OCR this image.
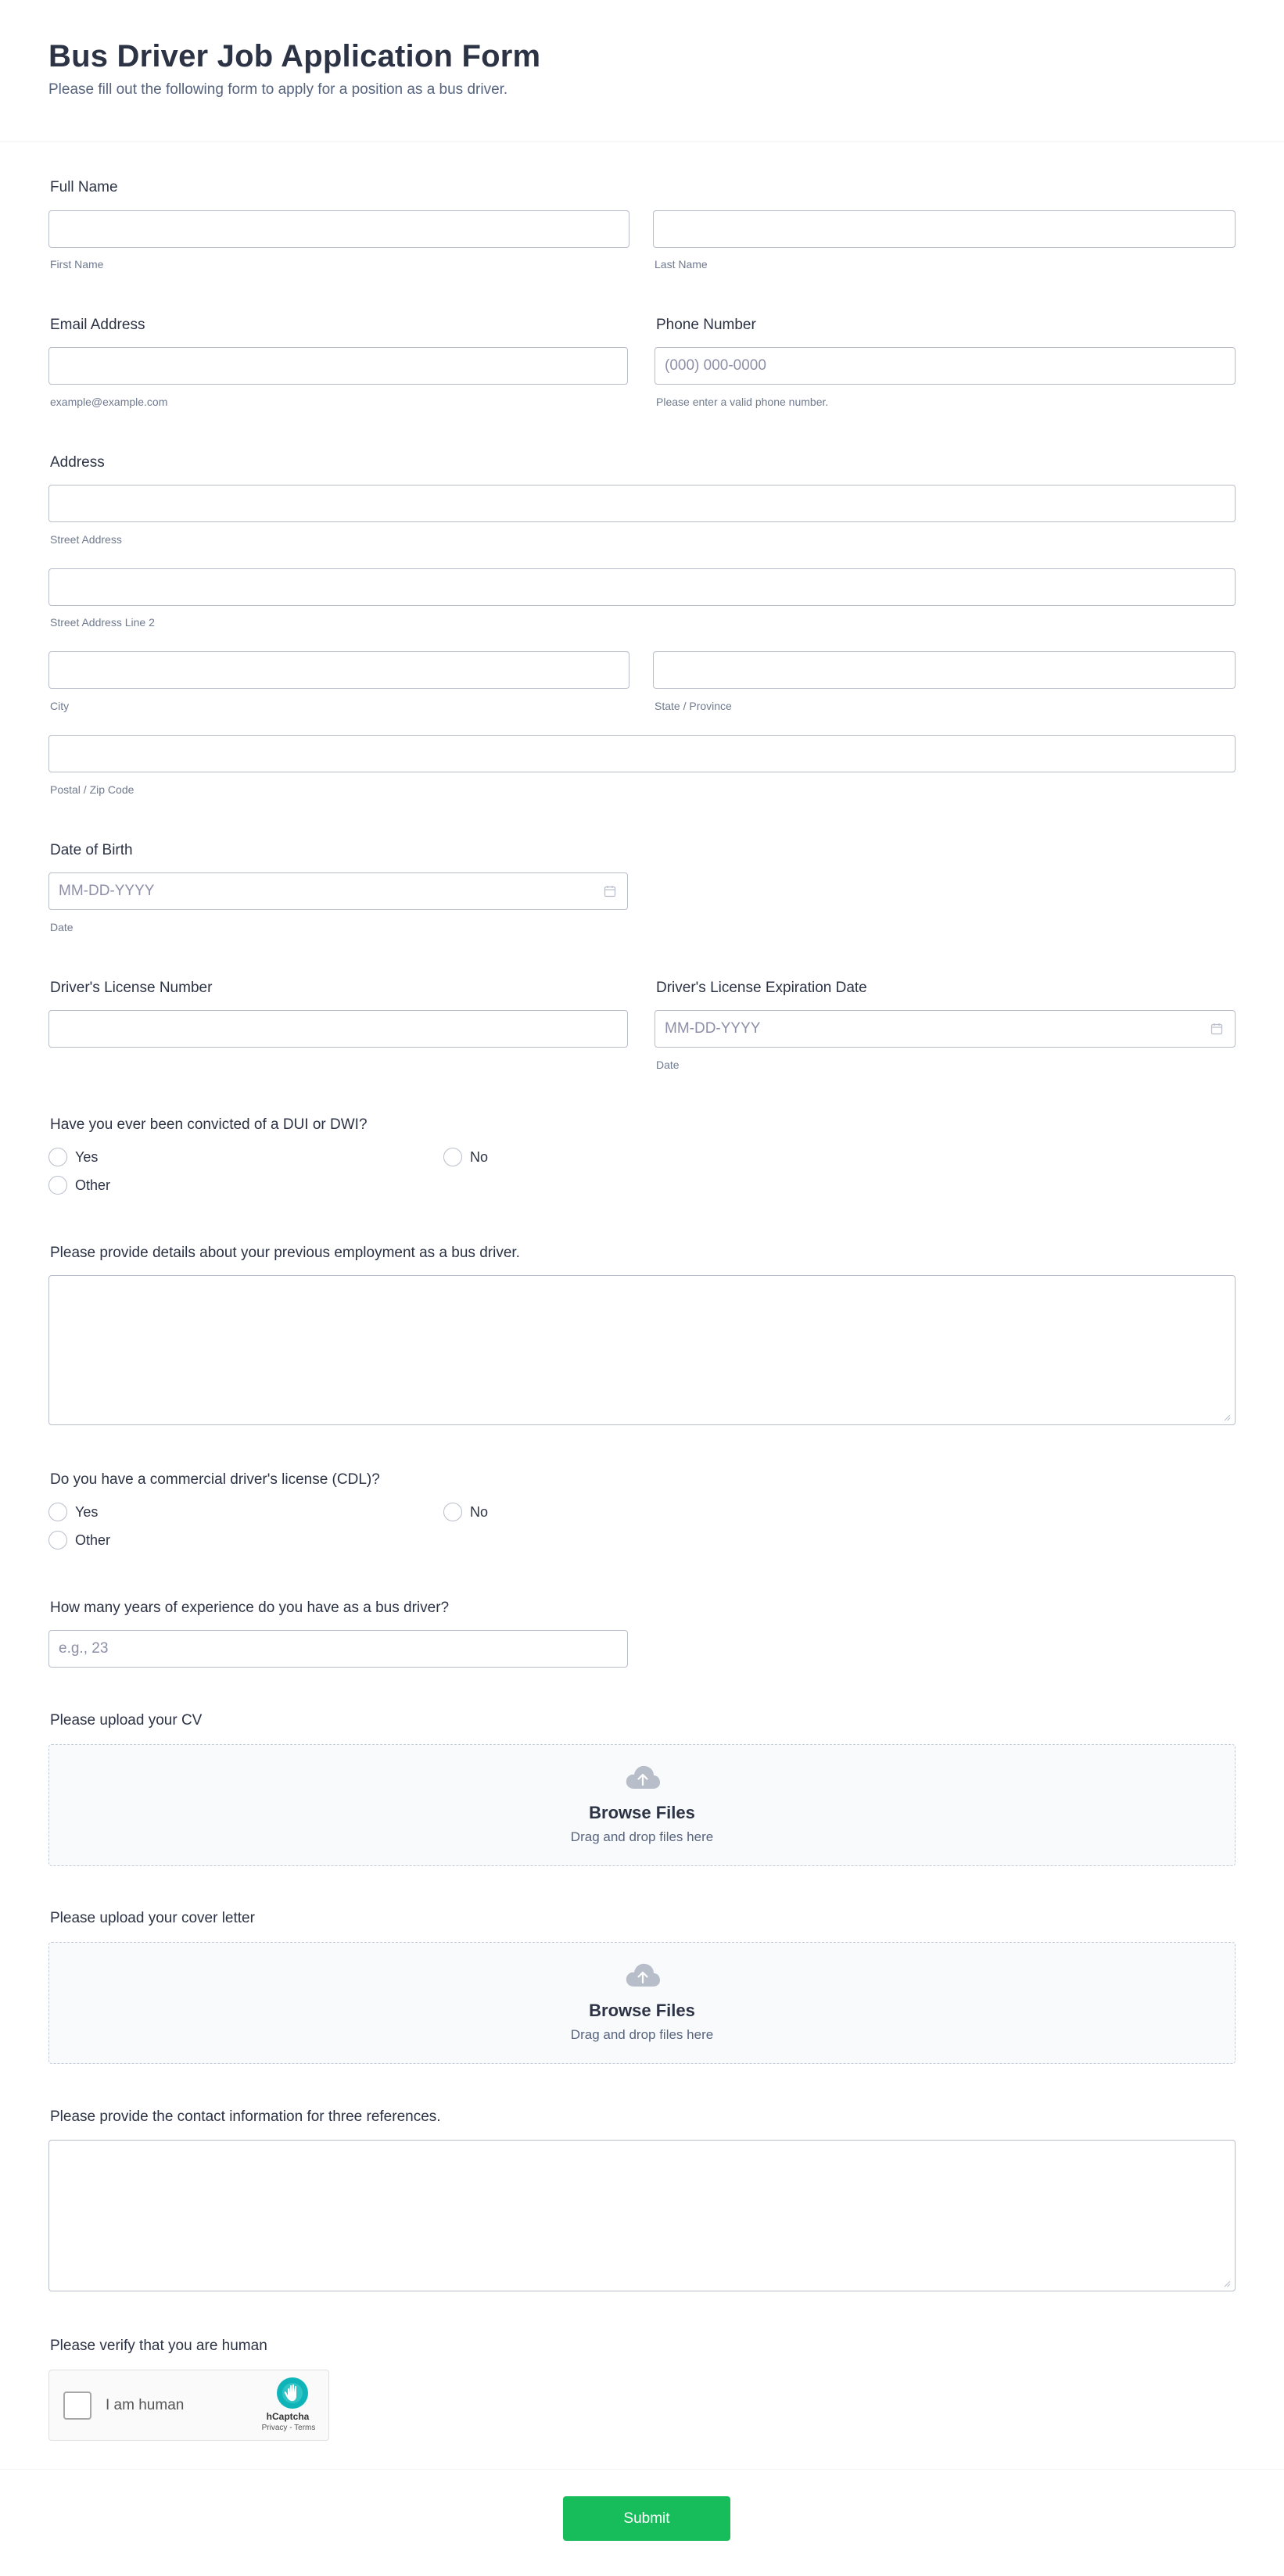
Bus Driver Job Application Form

Please fill out the following form to apply for a position as a bus driver.

Full Name
First Name	Last Name
Email Address
example@example.com
Phone Number
(000) 000-0000
Please enter a valid phone number.
Address
Street Address
Street Address Line 2
City	State / Province
Postal / Zip Code
Date of Birth
MM-DD-YYYY
Date
Driver's License Number	Driver's License Expiration Date
MM-DD-YYYY
Date
Have you ever been convicted of a DUI or DWI?
Yes	No
Other
Please provide details about your previous employment as a bus driver.
Do you have a commercial driver's license (CDL)?
Yes	No
Other
How many years of experience do you have as a bus driver?
e.g., 23
Please upload your CV
Browse Files
Drag and drop files here
Please upload your cover letter
Browse Files
Drag and drop files here
Please provide the contact information for three references.
Please verify that you are human
I am human
hCaptcha
Privacy - Terms
Submit
